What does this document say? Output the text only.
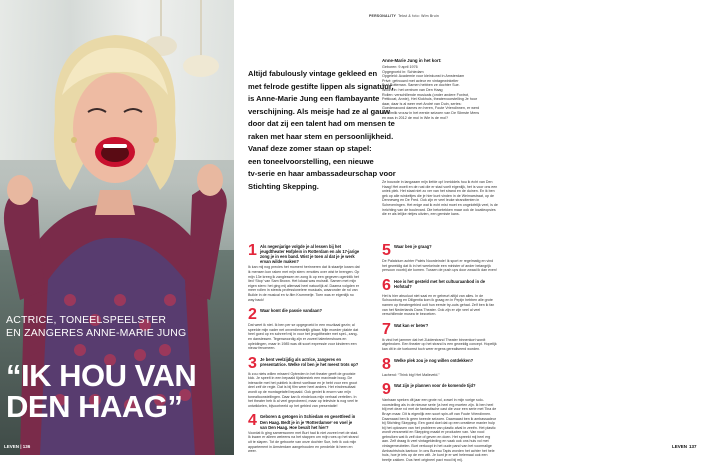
ACTRICE, TONEELSPEELSTER
EN ZANGERES ANNE-MARIE JUNG
“IK HOU VAN
DEN HAAG”
LEVEN | 136
Altijd fabulously vintage gekleed en
met felrode gestifte lippen als signatuur,
is Anne-Marie Jung een flambayante
verschijning. Als meisje had ze al gauw
door dat zij een talent had om mensen te
raken met haar stem en persoonlijkheid.
Vanaf deze zomer staan op stapel:
een toneelvoorstelling, een nieuwe
tv-serie en haar ambassadeurschap voor
Stichting Skepping.
1 Als negenjarige volgde je al lessen bij het jeugdtheater Hofplein in Rotterdam en als 17-jarige zong je in een band. Wist je toen al dat je je werk ervan wilde maken?
Ik kan mij nog precies het moment herinneren dat ik staartje kwam dat ik mensen kon raken met mijn stem: emoties over wist te brengen. Op mijn 13e kreeg ik zanglessen en zong ik op een gegeven ogenblik het lied ‘Stop’ van Sam Brown. Het lokaal was muisstil. Samen met mijn eigen stem: het ging mij allemaal heel natuurlijk af. Daarna volgden er meer rollen in steeds professionelere musicals, waaronder de rol van Buikie in de musical en tv-film Krummelje. Toen was er eigenlijk no way back!
2 Waar komt die passie vandaan?
Dat weet ik niet. Ik ben per se opgegroeid in een muzikaal gezin; al speelde mijn vader net onverdienstelijk gitaar. Mijn moeder plakte dat heel goed op en schreef mij in voor het jeugdtheater met spel-, zang- en danslessen. Tegenwoordig zijn er zoveel talentenshows en opleidingen, maar in 1985 was dit soort expressie voor kinderen een nieuw fenomeen.
3 Je bent veelzijdig als actrice, zangeres en presentatrice. Welke rol ben je het meest trots op?
Ik zou niets willen missen! Optreden in het theater geeft de grootste kick. Je speelt in een bepaald tijdsbestek een maximale boog. De interactie met het publiek is direct voelbaar en je hebt voor een groot deel zelf de regie. Dat is bij film weer heel anders. Het eindresultaat wordt op de montagetafel bepaald. Ook geniet ik enorm van mijn tonealtoonstellingen. Daar kan ik eindeloos mijn verhaal vertellen. In het theater heb ik al veel geprobeerd, maar op televisie is nog veel te ontwikkelen, bijvoorbeeld op het gebied van presentatie!
4 Geboren & getogen in Schiedam en gesettleed in Den Haag. Bedt je in je ’Rotterdamse’ en voel je van Den Haag. Hoe bevalt het hier?
Voordat ik ging samenwonen met Burt had ik niet zoveel met de stad. Ik kwam er alleen weleens na het stappen om mijn roes op het strand uit te slapen. Tot de geboorte van onze dochter Sue, heb ik ook mijn appartement in Amsterdam aangehouden en pendelde ik heen en weer.
PERSONALITY Tekst & foto: Wim Bruin
Anne-Marie Jung in het kort:
Geboren: 9 april 1976
Opgegroeid in: Schiedam
Opgeleid: Academie voor kleinkunst in Amsterdam
Privé: getrouwd met acteur en vintagewinkelier
Burt Rotteman. Samen hebben ze dochter Sue.
Woont in: het centrum van Den Haag
Rollen: verschillende musicals (onder andere Foxtrot,
Petticoat, Annie), Het Klokhuis, theatervoorstelling Je hoor
daar, daar is al weer met André van Duin, series:
Goedenavond dames en heren, Foute Vriendinnen, er werd
de stimlik vrouw in het eerste seizoen van De Slimste Mens
en was in 2012 de mol in Wie is de mol?
Ze bouwde in langzaam mijn liefde op! Inmiddels hou ik écht van Den Haag! Het woelt en de rust die er stad voelt eigenlijk, het is voor ons een uniek plek. Het staat niet zo ver van het strand en de duinen. En ik ben gek op alle winkeltjes die je hier kunt vinden in de Weimarstraat, op de Denneweg en De Fred. Ook zijn er veel leuke strandtenten in Scheveningen. Het enige wat ik echt mist moet en ongelofelijk veel, is de inrichting van de boulevard. Die betontekken maar ook de locatieopsies die er als lelijke rietjes uitzien, een gemiste kans.
5 Waar ben je graag?
De Palatzium achter Paleis Noordeinde! Ik sport er regelmatig en vind het geweldig dat ik in het weekeinde een minister of ander belangrijk persoon voorbij zie komen. Tussen de push ups door zwaai ik dan even!
6 Hoe is het gesteld met het cultuuraanbod in de Hofstad?
Het is hier absoluut niet saai en er gebeurt altijd van alles. In de Schouwburg en Diligentia kom ik graag en in Pepijn hebben alle grote namen op theatergebied ooit hun eerste try-outs gehad. Zelf ben ik fan van het Nederlands Dans Theater. Ook zijn er zijn veel al veel verschillende musea te bezoeken.
7 Wat kan er beter?
Ik vind het jammer dat het Zuiderstrand Theater binnenkort wordt afgebroken. Een theater op het strand is een geweldig concept. Hopelijk kan dit in de toekomst toch weer ergens gerealiseerd worden.
8 Welke plek zou je nog willen ontdekken?
Lachend: “Think big! Het Malieveld.”
9 Wat zijn je plannen voor de komende tijd?
Vanhaan speken dit jaar een grote rol, zowel in mijn vorige solo-voorstelling als in de nieuwe serie ‘ja heel erg moeten zijn. Ik ben heel blij met deze rol met de fantastische cast die voor een serie met Tina de Bruyn maar. Dit is eigenlijk een soort spin-off van Foute Vriendinnen. Daarnaast ben ik geen tweede seizoen. Daarnaast ben ik ambassadeur bij Stichting Skepping. Een goed doel dat op een creatieve manier hulp bij het oplossen van het probleem van plastic afval in zeeën. Het plastic wordt verzameld en Skepping maakt er producten van. Van rood gebruiken wat ik zelf doe of geven en doen. Het spreekt mij heel erg aan. Zelf draag ik veel vintagekleding en vaak ook ons huis vol met vintagemeubelen. Burt verkoopt in het oude pand van het voormalige Ambachtshuis kantoor. In ons Bureau Tapis worden het achter het hele huis, hoe je iets op de een wilt. Je kunt je er wel helemaal ook een beetje zakken. Dus heel origineel pact mooi bij mij.
LEVEN 137
